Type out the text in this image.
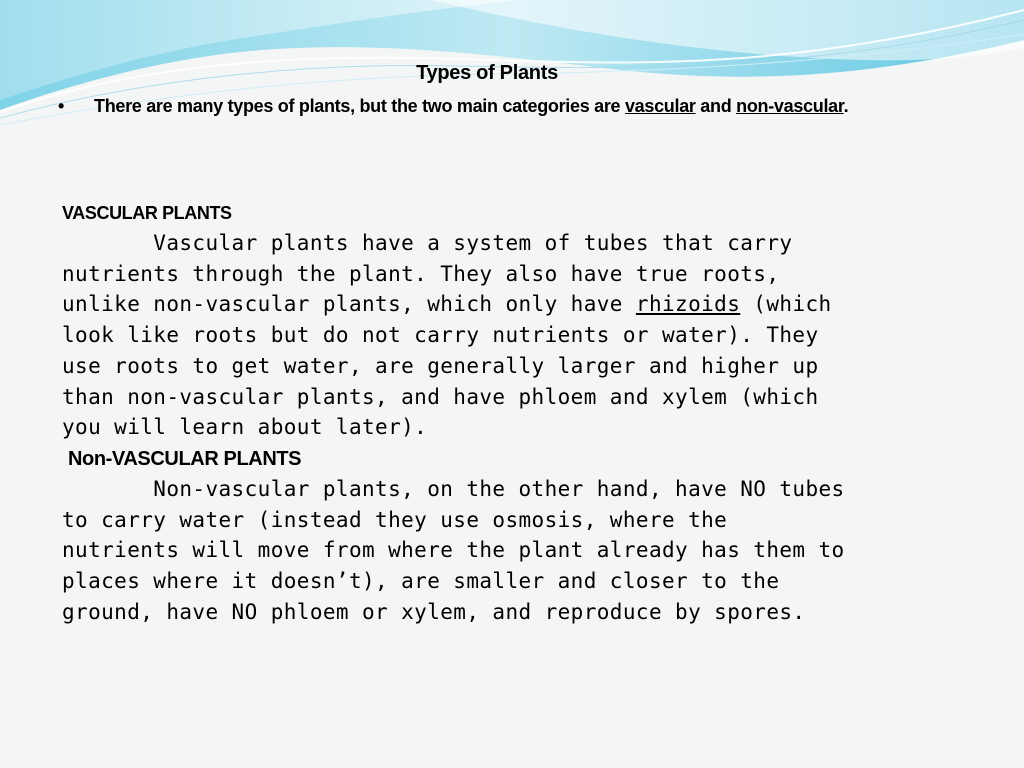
Types of Plants
• There are many types of plants, but the two main categories are vascular and non-vascular.
VASCULAR PLANTS
Vascular plants have a system of tubes that carry
nutrients through the plant. They also have true roots,
unlike non-vascular plants, which only have rhizoids (which
look like roots but do not carry nutrients or water). They
use roots to get water, are generally larger and higher up
than non-vascular plants, and have phloem and xylem (which
you will learn about later).
Non-VASCULAR PLANTS
Non-vascular plants, on the other hand, have NO tubes
to carry water (instead they use osmosis, where the
nutrients will move from where the plant already has them to
places where it doesn’t), are smaller and closer to the
ground, have NO phloem or xylem, and reproduce by spores.
